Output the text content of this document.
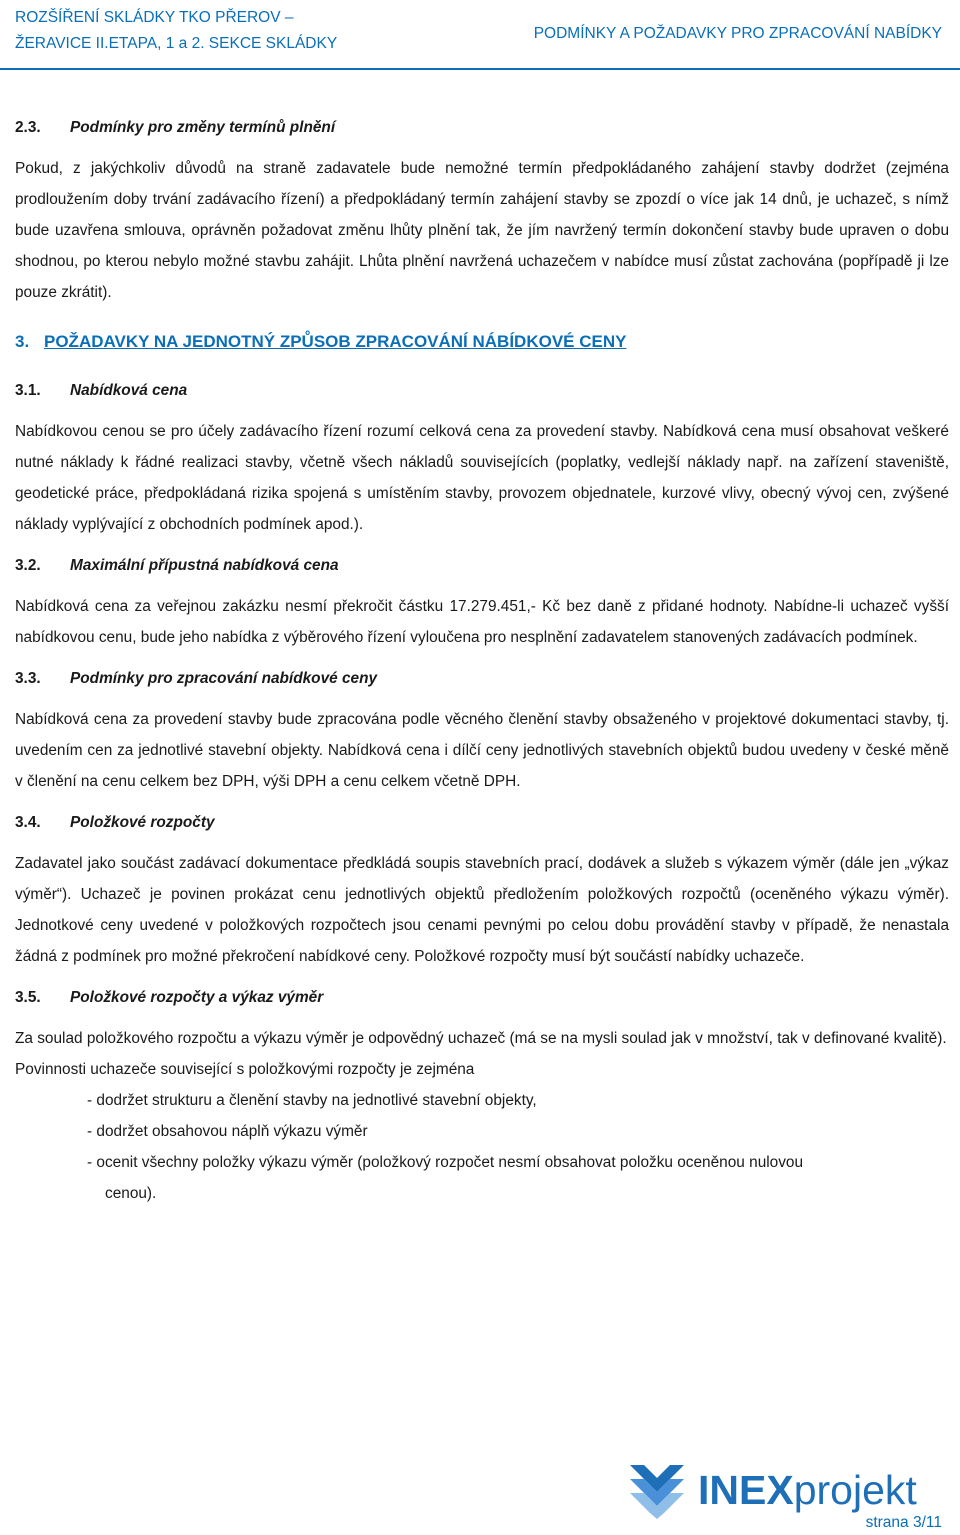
ROZŠÍŘENÍ SKLÁDKY TKO PŘEROV –
ŽERAVICE II.ETAPA, 1 a 2. SEKCE SKLÁDKY
PODMÍNKY A POŽADAVKY PRO ZPRACOVÁNÍ NABÍDKY
2.3. Podmínky pro změny termínů plnění
Pokud, z jakýchkoliv důvodů na straně zadavatele bude nemožné termín předpokládaného zahájení stavby dodržet (zejména prodloužením doby trvání zadávacího řízení) a předpokládaný termín zahájení stavby se zpozdí o více jak 14 dnů, je uchazeč, s nímž bude uzavřena smlouva, oprávněn požadovat změnu lhůty plnění tak, že jím navržený termín dokončení stavby bude upraven o dobu shodnou, po kterou nebylo možné stavbu zahájit. Lhůta plnění navržená uchazečem v nabídce musí zůstat zachována (popřípadě ji lze pouze zkrátit).
3. POŽADAVKY NA JEDNOTNÝ ZPŮSOB ZPRACOVÁNÍ NÁBÍDKOVÉ CENY
3.1. Nabídková cena
Nabídkovou cenou se pro účely zadávacího řízení rozumí celková cena za provedení stavby. Nabídková cena musí obsahovat veškeré nutné náklady k řádné realizaci stavby, včetně všech nákladů souvisejících (poplatky, vedlejší náklady např. na zařízení staveniště, geodetické práce, předpokládaná rizika spojená s umístěním stavby, provozem objednatele, kurzové vlivy, obecný vývoj cen, zvýšené náklady vyplývající z obchodních podmínek apod.).
3.2. Maximální přípustná nabídková cena
Nabídková cena za veřejnou zakázku nesmí překročit částku 17.279.451,- Kč bez daně z přidané hodnoty. Nabídne-li uchazeč vyšší nabídkovou cenu, bude jeho nabídka z výběrového řízení vyloučena pro nesplnění zadavatelem stanovených zadávacích podmínek.
3.3. Podmínky pro zpracování nabídkové ceny
Nabídková cena za provedení stavby bude zpracována podle věcného členění stavby obsaženého v projektové dokumentaci stavby, tj. uvedením cen za jednotlivé stavební objekty. Nabídková cena i dílčí ceny jednotlivých stavebních objektů budou uvedeny v české měně v členění na cenu celkem bez DPH, výši DPH a cenu celkem včetně DPH.
3.4. Položkové rozpočty
Zadavatel jako součást zadávací dokumentace předkládá soupis stavebních prací, dodávek a služeb s výkazem výměr (dále jen „výkaz výměr“). Uchazeč je povinen prokázat cenu jednotlivých objektů předložením položkových rozpočtů (oceněného výkazu výměr). Jednotkové ceny uvedené v položkových rozpočtech jsou cenami pevnými po celou dobu provádění stavby v případě, že nenastala žádná z podmínek pro možné překročení nabídkové ceny. Položkové rozpočty musí být součástí nabídky uchazeče.
3.5. Položkové rozpočty a výkaz výměr
Za soulad položkového rozpočtu a výkazu výměr je odpovědný uchazeč (má se na mysli soulad jak v množství, tak v definované kvalitě).
Povinnosti uchazeče související s položkovými rozpočty je zejména
- dodržet strukturu a členění stavby na jednotlivé stavební objekty,
- dodržet obsahovou náplň výkazu výměr
- ocenit všechny položky výkazu výměr (položkový rozpočet nesmí obsahovat položku oceněnou nulovou
cenou).
INEXprojekt
strana 3/11
